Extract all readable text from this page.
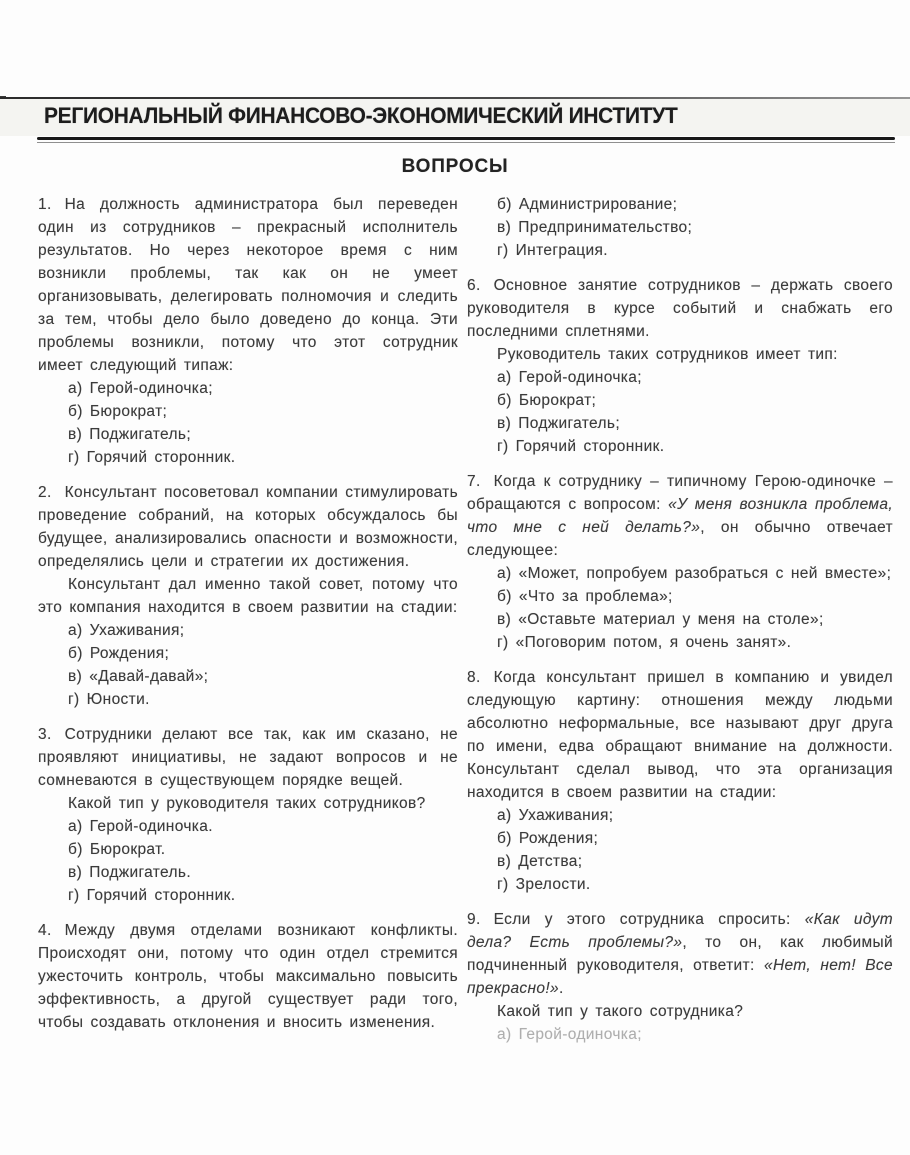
РЕГИОНАЛЬНЫЙ ФИНАНСОВО-ЭКОНОМИЧЕСКИЙ ИНСТИТУТ
ВОПРОСЫ

1. На должность администратора был переведен один из сотрудников – прекрасный исполнитель результатов. Но через некоторое время с ним возникли проблемы, так как он не умеет организовывать, делегировать полномочия и следить за тем, чтобы дело было доведено до конца. Эти проблемы возникли, потому что этот сотрудник имеет следующий типаж:

а) Герой-одиночка;

б) Бюрократ;

в) Поджигатель;

г) Горячий сторонник.

2. Консультант посоветовал компании стимулировать проведение собраний, на которых обсуждалось бы будущее, анализировались опасности и возможности, определялись цели и стратегии их достижения.

Консультант дал именно такой совет, потому что это компания находится в своем развитии на стадии:

а) Ухаживания;

б) Рождения;

в) «Давай-давай»;

г) Юности.

3. Сотрудники делают все так, как им сказано, не проявляют инициативы, не задают вопросов и не сомневаются в существующем порядке вещей.

Какой тип у руководителя таких сотрудников?

а) Герой-одиночка.

б) Бюрократ.

в) Поджигатель.

г) Горячий сторонник.

4. Между двумя отделами возникают конфликты. Происходят они, потому что один отдел стремится ужесточить контроль, чтобы максимально повысить эффективность, а другой существует ради того, чтобы создавать отклонения и вносить изменения.

б) Администрирование;

в) Предпринимательство;

г) Интеграция.

6. Основное занятие сотрудников – держать своего руководителя в курсе событий и снабжать его последними сплетнями.

Руководитель таких сотрудников имеет тип:

а) Герой-одиночка;

б) Бюрократ;

в) Поджигатель;

г) Горячий сторонник.

7. Когда к сотруднику – типичному Герою-одиночке – обращаются с вопросом: «У меня возникла проблема, что мне с ней делать?», он обычно отвечает следующее:

а) «Может, попробуем разобраться с ней вместе»;

б) «Что за проблема»;

в) «Оставьте материал у меня на столе»;

г) «Поговорим потом, я очень занят».

8. Когда консультант пришел в компанию и увидел следующую картину: отношения между людьми абсолютно неформальные, все называют друг друга по имени, едва обращают внимание на должности. Консультант сделал вывод, что эта организация находится в своем развитии на стадии:

а) Ухаживания;

б) Рождения;

в) Детства;

г) Зрелости.

9. Если у этого сотрудника спросить: «Как идут дела? Есть проблемы?», то он, как любимый подчиненный руководителя, ответит: «Нет, нет! Все прекрасно!».

Какой тип у такого сотрудника?

а) Герой-одиночка;
